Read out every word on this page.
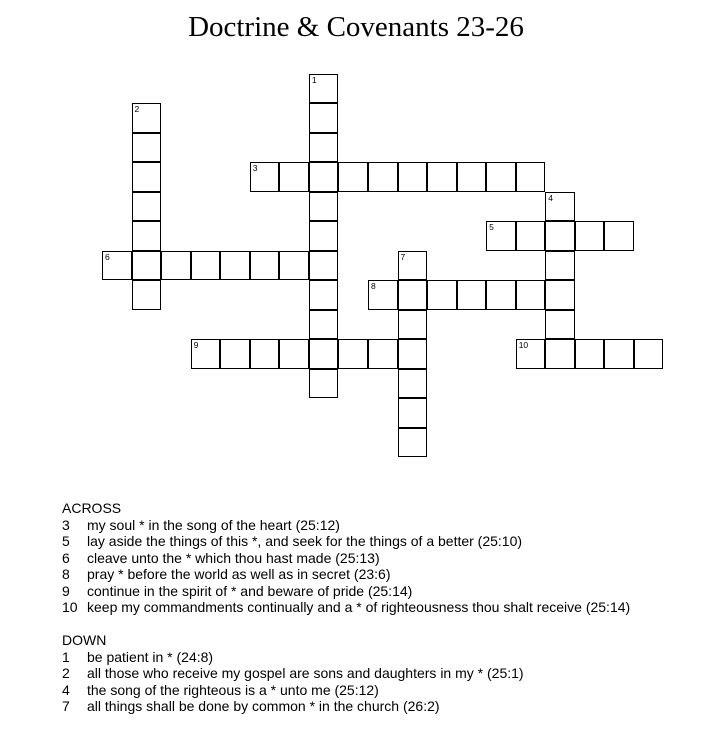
Doctrine & Covenants 23-26
1
2
3
4
5
6	7
8
9	10
ACROSS
3	my soul * in the song of the heart (25:12)
5	lay aside the things of this *, and seek for the things of a better (25:10)
6	cleave unto the * which thou hast made (25:13)
8	pray * before the world as well as in secret (23:6)
9	continue in the spirit of * and beware of pride (25:14)
10 keep my commandments continually and a * of righteousness thou shalt receive (25:14)
DOWN
1	be patient in * (24:8)
2	all those who receive my gospel are sons and daughters in my * (25:1)
4	the song of the righteous is a * unto me (25:12)
7	all things shall be done by common * in the church (26:2)
